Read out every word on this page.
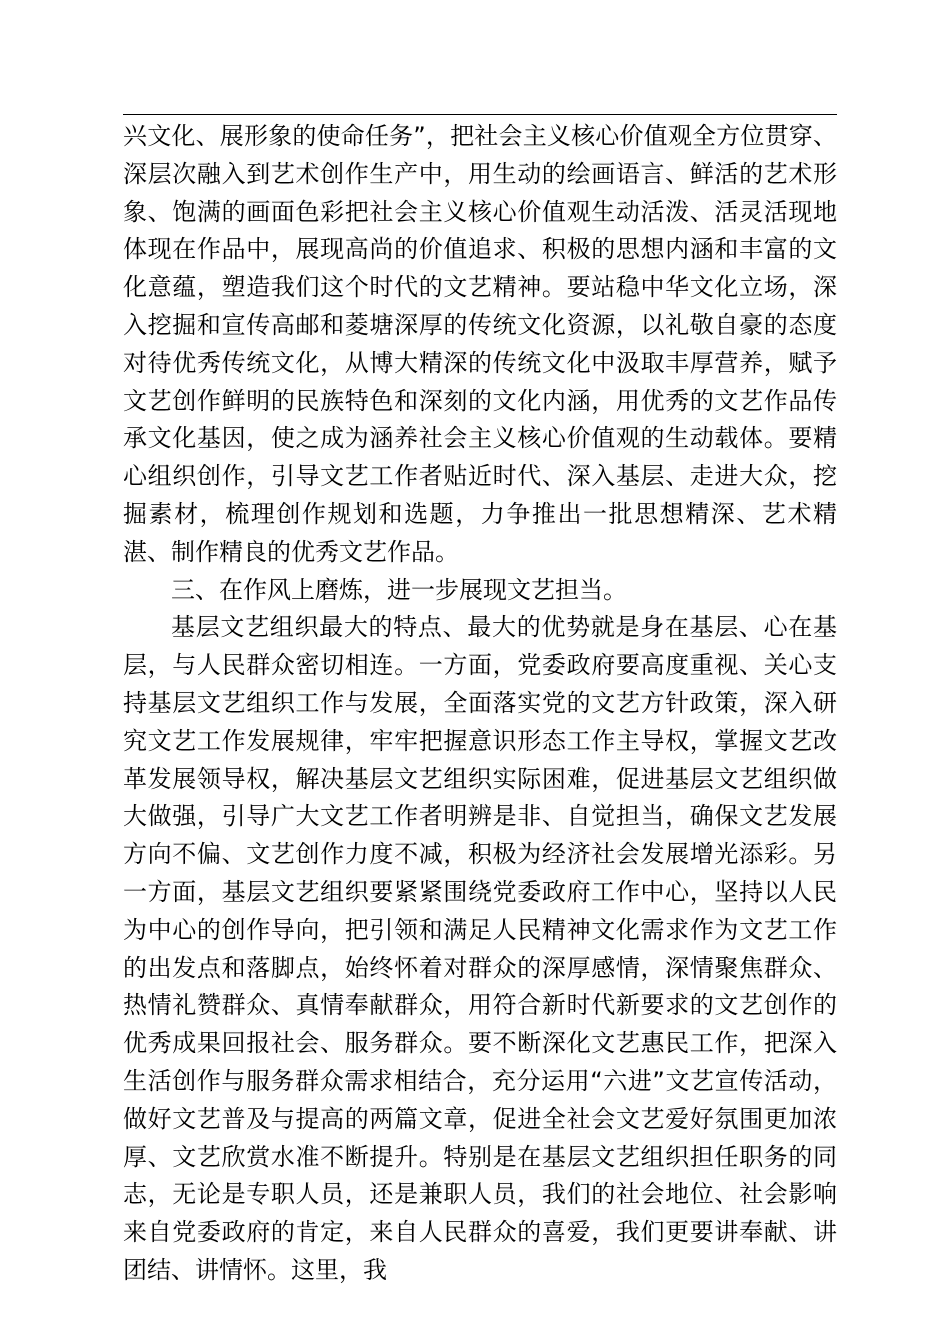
兴文化、展形象的使命任务”，把社会主义核心价值观全方位贯穿、深层次融入到艺术创作生产中，用生动的绘画语言、鲜活的艺术形象、饱满的画面色彩把社会主义核心价值观生动活泼、活灵活现地体现在作品中，展现高尚的价值追求、积极的思想内涵和丰富的文化意蕴，塑造我们这个时代的文艺精神。要站稳中华文化立场，深入挖掘和宣传高邮和菱塘深厚的传统文化资源，以礼敬自豪的态度对待优秀传统文化，从博大精深的传统文化中汲取丰厚营养，赋予文艺创作鲜明的民族特色和深刻的文化内涵，用优秀的文艺作品传承文化基因，使之成为涵养社会主义核心价值观的生动载体。要精心组织创作，引导文艺工作者贴近时代、深入基层、走进大众，挖掘素材，梳理创作规划和选题，力争推出一批思想精深、艺术精湛、制作精良的优秀文艺作品。

三、在作风上磨炼，进一步展现文艺担当。

基层文艺组织最大的特点、最大的优势就是身在基层、心在基层，与人民群众密切相连。一方面，党委政府要高度重视、关心支持基层文艺组织工作与发展，全面落实党的文艺方针政策，深入研究文艺工作发展规律，牢牢把握意识形态工作主导权，掌握文艺改革发展领导权，解决基层文艺组织实际困难，促进基层文艺组织做大做强，引导广大文艺工作者明辨是非、自觉担当，确保文艺发展方向不偏、文艺创作力度不减，积极为经济社会发展增光添彩。另一方面，基层文艺组织要紧紧围绕党委政府工作中心，坚持以人民为中心的创作导向，把引领和满足人民精神文化需求作为文艺工作的出发点和落脚点，始终怀着对群众的深厚感情，深情聚焦群众、热情礼赞群众、真情奉献群众，用符合新时代新要求的文艺创作的优秀成果回报社会、服务群众。要不断深化文艺惠民工作，把深入生活创作与服务群众需求相结合，充分运用“六进”文艺宣传活动，做好文艺普及与提高的两篇文章，促进全社会文艺爱好氛围更加浓厚、文艺欣赏水准不断提升。特别是在基层文艺组织担任职务的同志，无论是专职人员，还是兼职人员，我们的社会地位、社会影响来自党委政府的肯定，来自人民群众的喜爱，我们更要讲奉献、讲团结、讲情怀。这里，我
